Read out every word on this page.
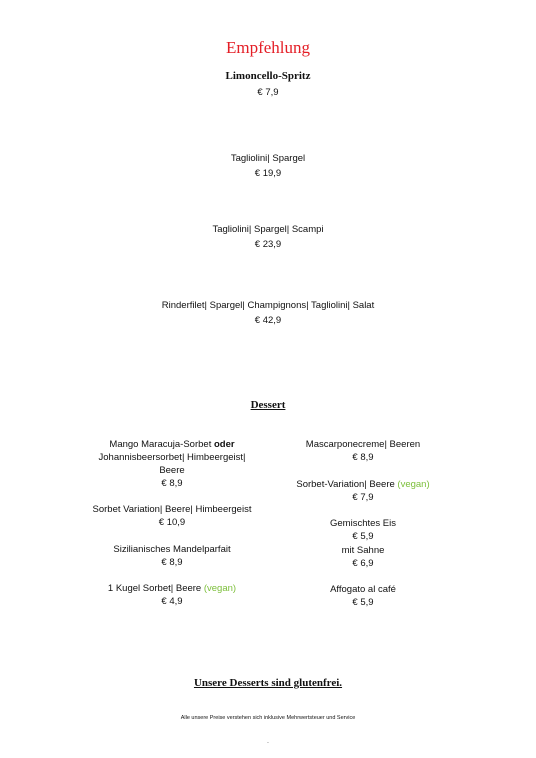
Empfehlung
Limoncello-Spritz
€ 7,9
Tagliolini| Spargel
€ 19,9
Tagliolini| Spargel| Scampi
€ 23,9
Rinderfilet| Spargel| Champignons| Tagliolini| Salat
€ 42,9
Dessert
Mango Maracuja-Sorbet oder
Johannisbeersorbet| Himbeergeist|
Beere
€ 8,9
Sorbet Variation| Beere| Himbeergeist
€ 10,9
Sizilianisches Mandelparfait
€ 8,9
1 Kugel Sorbet| Beere (vegan)
€ 4,9
Mascarponecreme| Beeren
€ 8,9
Sorbet-Variation| Beere (vegan)
€ 7,9
Gemischtes Eis
€ 5,9
mit Sahne
€ 6,9
Affogato al café
€ 5,9
Unsere Desserts sind glutenfrei.
Alle unsere Preise verstehen sich inklusive Mehrwertsteuer und Service
-
